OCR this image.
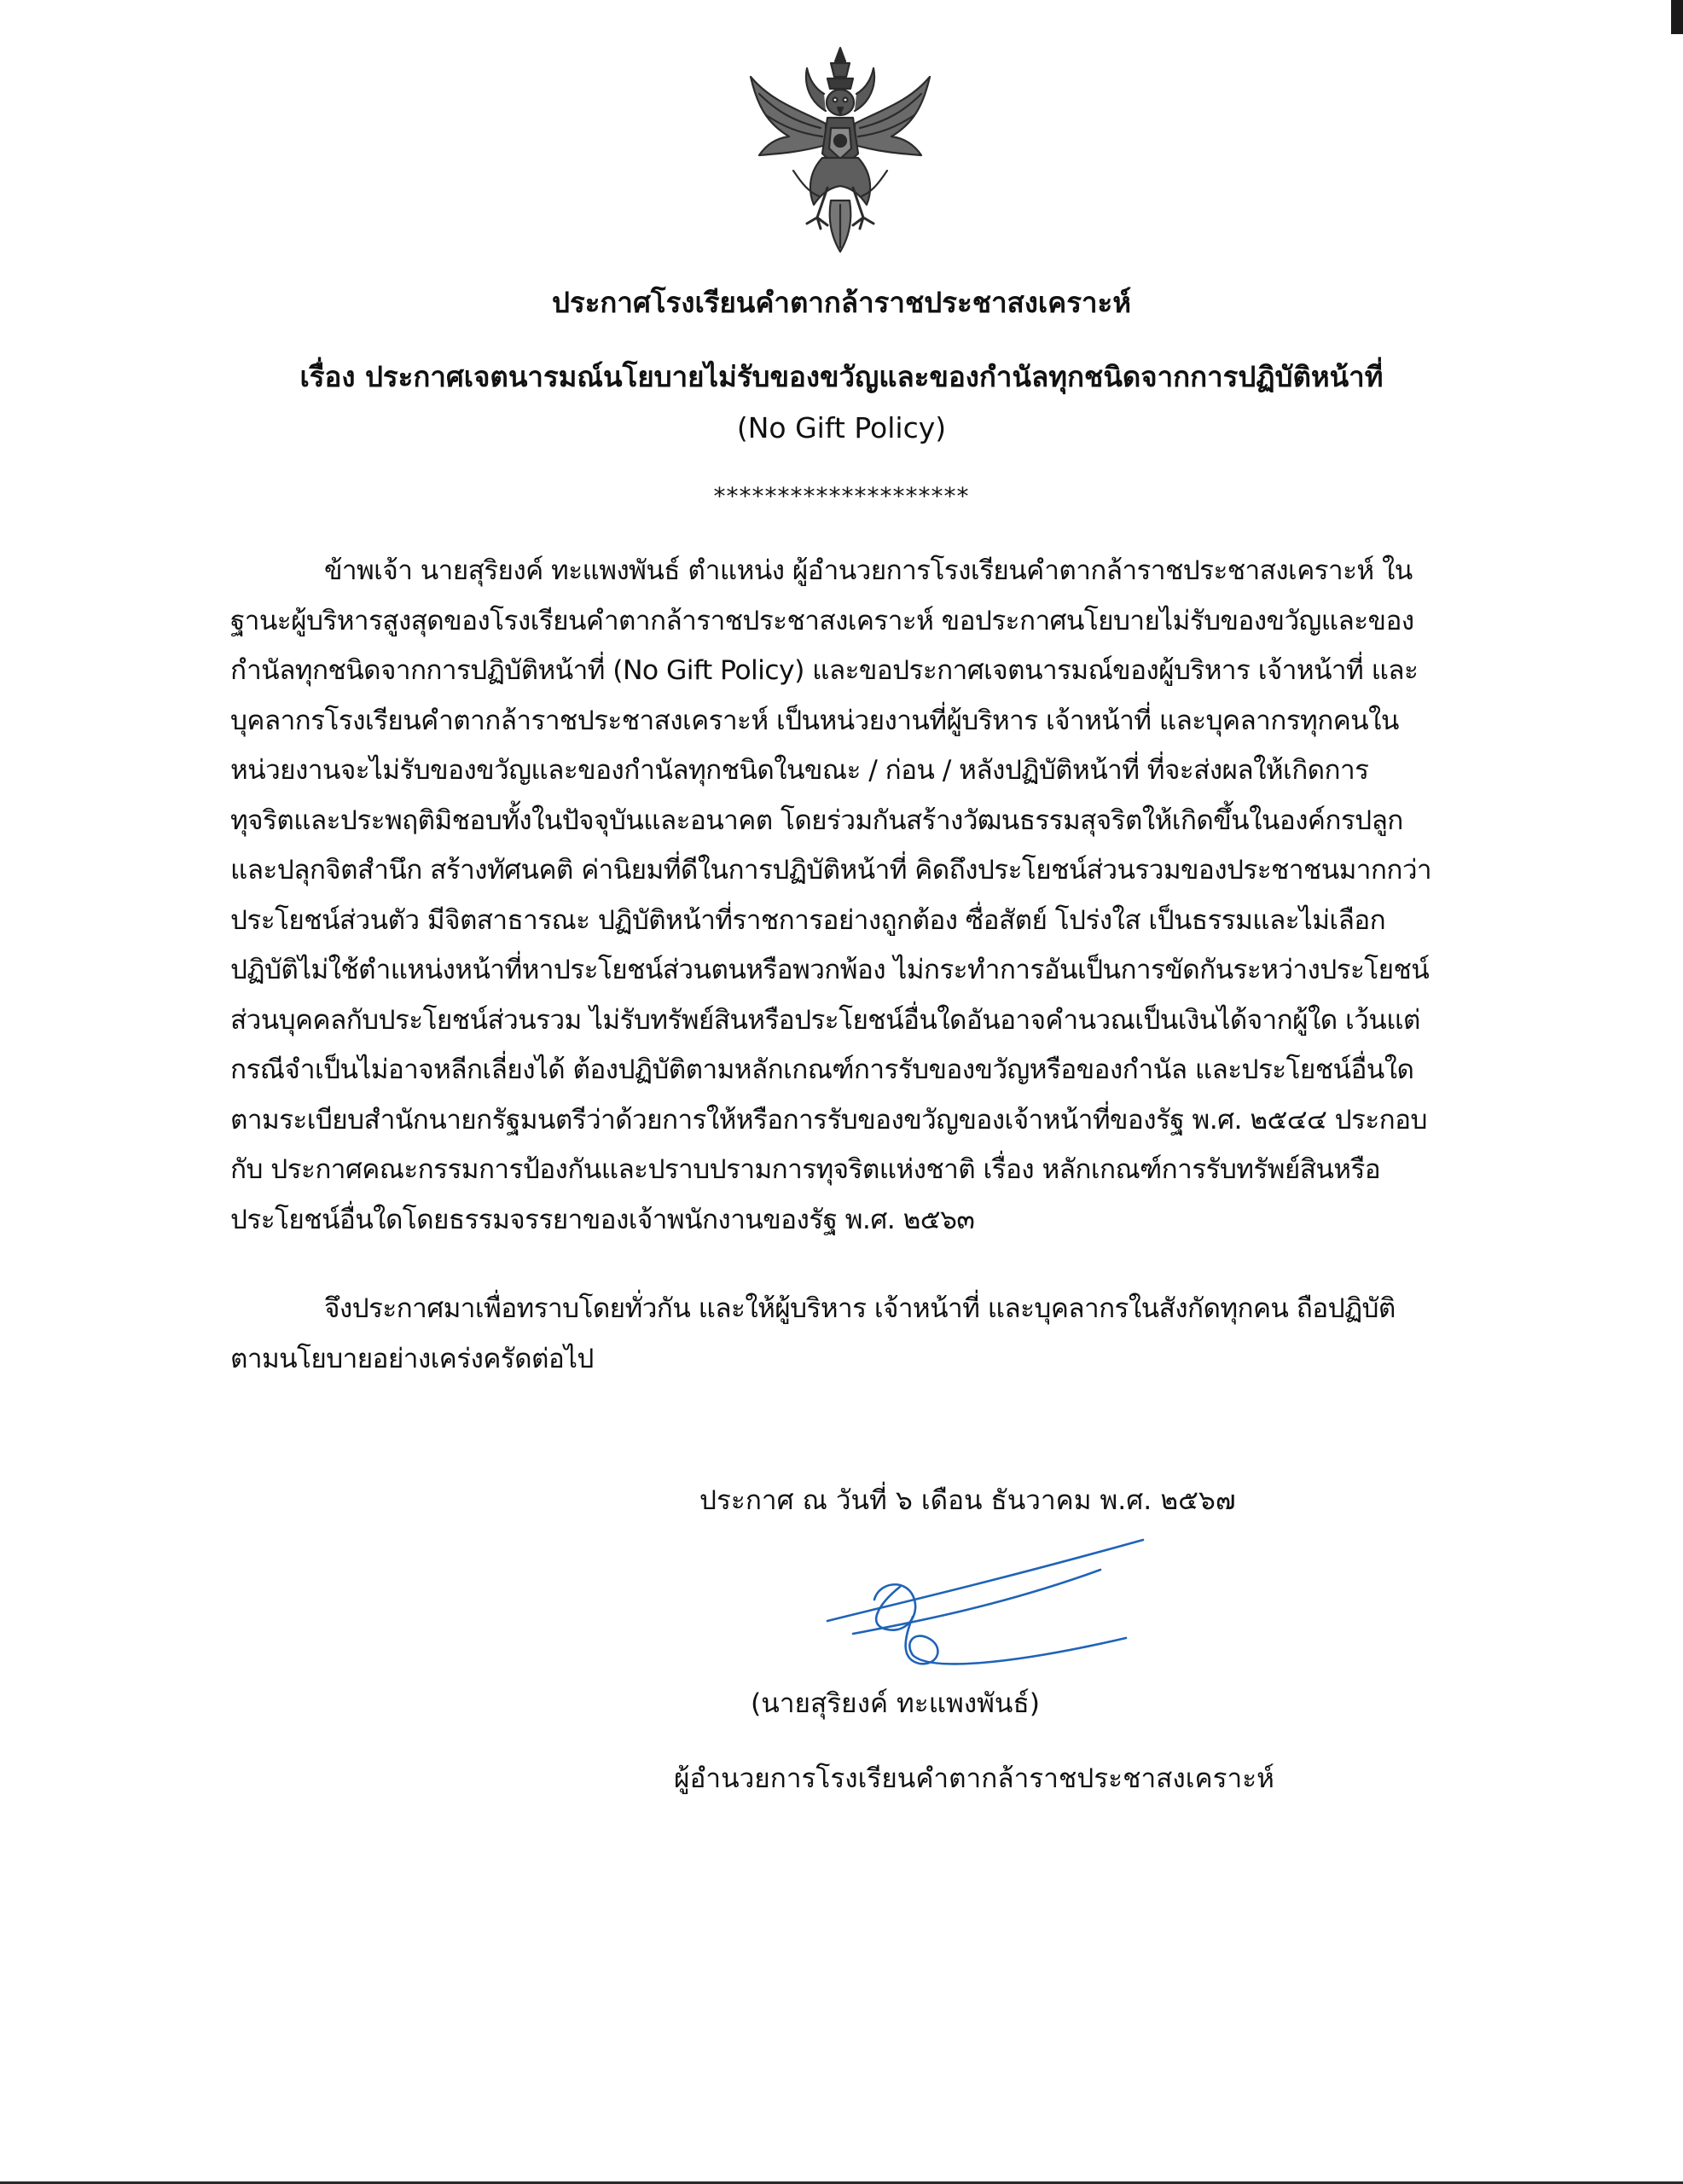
ประกาศโรงเรียนคำตากล้าราชประชาสงเคราะห์
เรื่อง ประกาศเจตนารมณ์นโยบายไม่รับของขวัญและของกำนัลทุกชนิดจากการปฏิบัติหน้าที่
(No Gift Policy)
********************
ข้าพเจ้า นายสุริยงค์ ทะแพงพันธ์ ตำแหน่ง ผู้อำนวยการโรงเรียนคำตากล้าราชประชาสงเคราะห์ ใน
ฐานะผู้บริหารสูงสุดของโรงเรียนคำตากล้าราชประชาสงเคราะห์ ขอประกาศนโยบายไม่รับของขวัญและของ
กำนัลทุกชนิดจากการปฏิบัติหน้าที่ (No Gift Policy) และขอประกาศเจตนารมณ์ของผู้บริหาร เจ้าหน้าที่ และ
บุคลากรโรงเรียนคำตากล้าราชประชาสงเคราะห์ เป็นหน่วยงานที่ผู้บริหาร เจ้าหน้าที่ และบุคลากรทุกคนใน
หน่วยงานจะไม่รับของขวัญและของกำนัลทุกชนิดในขณะ / ก่อน / หลังปฏิบัติหน้าที่ ที่จะส่งผลให้เกิดการ
ทุจริตและประพฤติมิชอบทั้งในปัจจุบันและอนาคต โดยร่วมกันสร้างวัฒนธรรมสุจริตให้เกิดขึ้นในองค์กรปลูก
และปลุกจิตสำนึก สร้างทัศนคติ ค่านิยมที่ดีในการปฏิบัติหน้าที่ คิดถึงประโยชน์ส่วนรวมของประชาชนมากกว่า
ประโยชน์ส่วนตัว มีจิตสาธารณะ ปฏิบัติหน้าที่ราชการอย่างถูกต้อง ซื่อสัตย์ โปร่งใส เป็นธรรมและไม่เลือก
ปฏิบัติไม่ใช้ตำแหน่งหน้าที่หาประโยชน์ส่วนตนหรือพวกพ้อง ไม่กระทำการอันเป็นการขัดกันระหว่างประโยชน์
ส่วนบุคคลกับประโยชน์ส่วนรวม ไม่รับทรัพย์สินหรือประโยชน์อื่นใดอันอาจคำนวณเป็นเงินได้จากผู้ใด เว้นแต่
กรณีจำเป็นไม่อาจหลีกเลี่ยงได้ ต้องปฏิบัติตามหลักเกณฑ์การรับของขวัญหรือของกำนัล และประโยชน์อื่นใด
ตามระเบียบสำนักนายกรัฐมนตรีว่าด้วยการให้หรือการรับของขวัญของเจ้าหน้าที่ของรัฐ พ.ศ. ๒๕๔๔ ประกอบ
กับ ประกาศคณะกรรมการป้องกันและปราบปรามการทุจริตแห่งชาติ เรื่อง หลักเกณฑ์การรับทรัพย์สินหรือ
ประโยชน์อื่นใดโดยธรรมจรรยาของเจ้าพนักงานของรัฐ พ.ศ. ๒๕๖๓
จึงประกาศมาเพื่อทราบโดยทั่วกัน และให้ผู้บริหาร เจ้าหน้าที่ และบุคลากรในสังกัดทุกคน ถือปฏิบัติ
ตามนโยบายอย่างเคร่งครัดต่อไป
ประกาศ ณ วันที่ ๖ เดือน ธันวาคม พ.ศ. ๒๕๖๗
(นายสุริยงค์ ทะแพงพันธ์)
ผู้อำนวยการโรงเรียนคำตากล้าราชประชาสงเคราะห์
